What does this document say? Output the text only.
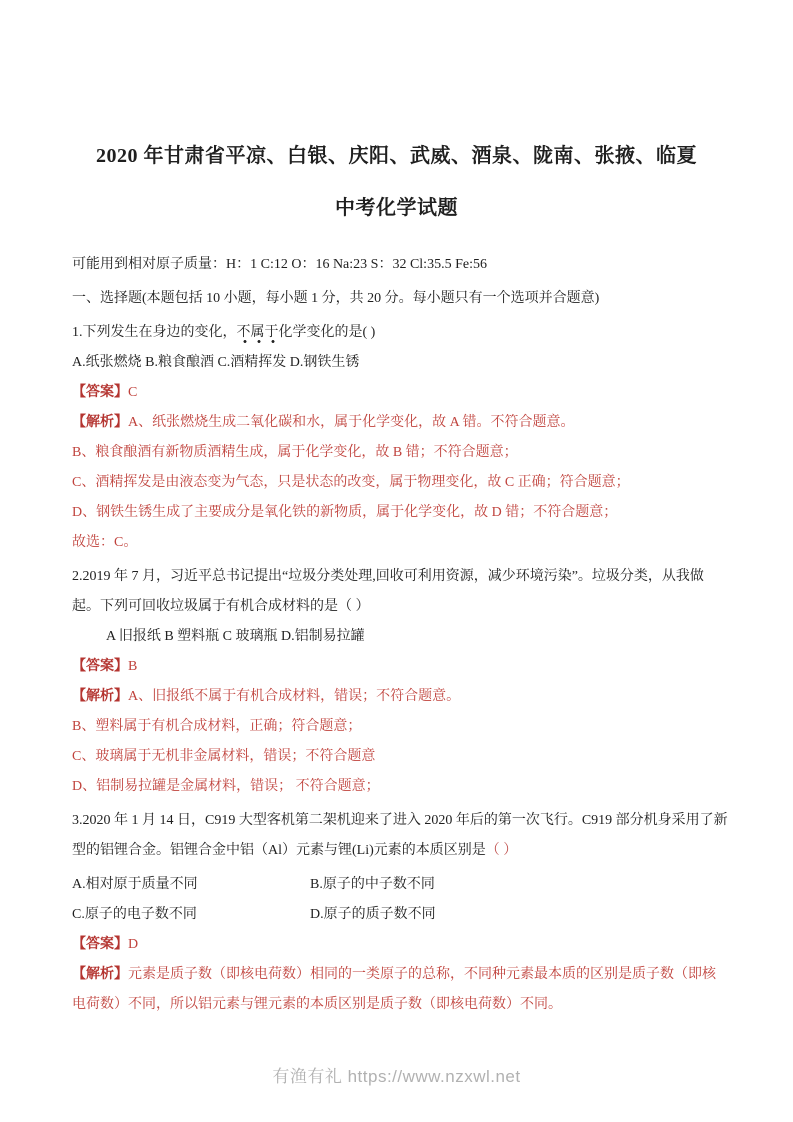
2020 年甘肃省平凉、白银、庆阳、武威、酒泉、陇南、张掖、临夏
中考化学试题
可能用到相对原子质量：H：1 C:12 O：16 Na:23 S：32 Cl:35.5 Fe:56
一、选择题(本题包括 10 小题，每小题 1 分，共 20 分。每小题只有一个选项并合题意)
1.下列发生在身边的变化，不属于化学变化的是( )
A.纸张燃烧 B.粮食酿酒 C.酒精挥发 D.钢铁生锈
【答案】C
【解析】A、纸张燃烧生成二氧化碳和水，属于化学变化，故 A 错。不符合题意。
B、粮食酿酒有新物质酒精生成，属于化学变化，故 B 错；不符合题意；
C、酒精挥发是由液态变为气态，只是状态的改变，属于物理变化，故 C 正确；符合题意；
D、钢铁生锈生成了主要成分是氧化铁的新物质，属于化学变化，故 D 错；不符合题意；
故选：C。
2.2019 年 7 月，习近平总书记提出“垃圾分类处理,回收可利用资源，减少环境污染”。垃圾分类，从我做
起。下列可回收垃圾属于有机合成材料的是（ ）
A 旧报纸 B 塑料瓶 C 玻璃瓶 D.铝制易拉罐
【答案】B
【解析】A、旧报纸不属于有机合成材料，错误；不符合题意。
B、塑料属于有机合成材料，正确；符合题意；
C、玻璃属于无机非金属材料，错误；不符合题意
D、铝制易拉罐是金属材料，错误； 不符合题意；
3.2020 年 1 月 14 日，C919 大型客机第二架机迎来了进入 2020 年后的第一次飞行。C919 部分机身采用了新
型的铝锂合金。铝锂合金中铝（Al）元素与锂(Li)元素的本质区别是（ ）
A.相对原于质量不同	B.原子的中子数不同
C.原子的电子数不同	D.原子的质子数不同
【答案】D
【解析】元素是质子数（即核电荷数）相同的一类原子的总称，不同种元素最本质的区别是质子数（即核
电荷数）不同，所以铝元素与锂元素的本质区别是质子数（即核电荷数）不同。
有渔有礼 https://www.nzxwl.net
